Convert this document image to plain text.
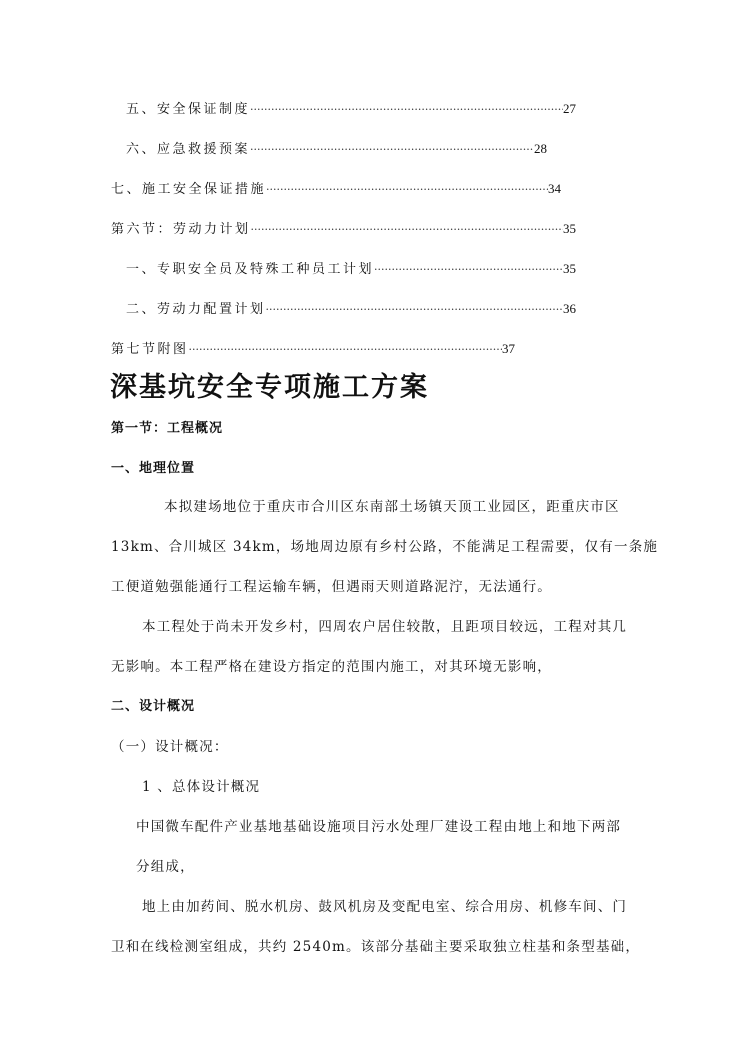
五、安全保证制度 ·····	27
六、应急救援预案 ·····	28
七、施工安全保证措施 ·····	34
第六节：劳动力计划 ·····	35
一、专职安全员及特殊工种员工计划 ·····	35
二、劳动力配置计划 ·····	36
第七节附图 ·····	37
深基坑安全专项施工方案
第一节：工程概况
一、地理位置
本拟建场地位于重庆市合川区东南部土场镇天顶工业园区，距重庆市区
13km、合川城区 34km，场地周边原有乡村公路，不能满足工程需要，仅有一条施
工便道勉强能通行工程运输车辆，但遇雨天则道路泥泞，无法通行。
本工程处于尚未开发乡村，四周农户居住较散，且距项目较远，工程对其几
无影响。本工程严格在建设方指定的范围内施工，对其环境无影响，
二、设计概况
（一）设计概况：
1 、总体设计概况
中国微车配件产业基地基础设施项目污水处理厂建设工程由地上和地下两部
分组成，
地上由加药间、脱水机房、鼓风机房及变配电室、综合用房、机修车间、门
卫和在线检测室组成，共约 2540m。该部分基础主要采取独立柱基和条型基础，
